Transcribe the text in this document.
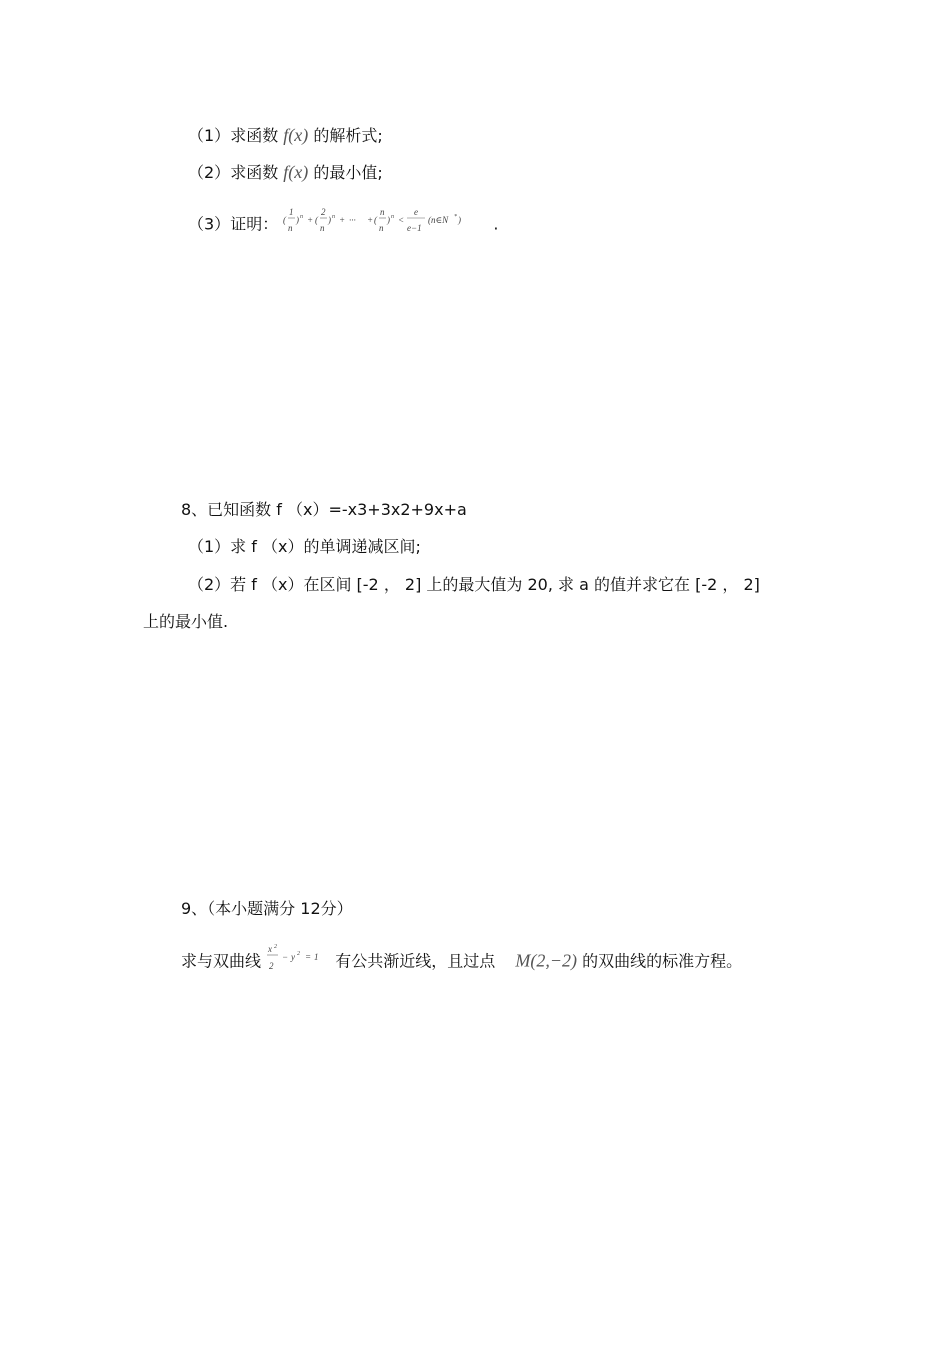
（1）求函数 f(x) 的解析式;
（2）求函数 f(x) 的最小值;
（3）证明： (
1
n
) n + (
2
n
) n + ··· + (
n
n
) n <
e
e−1
(n∈N * ) .
8、已知函数 f （x）=-x3+3x2+9x+a
（1）求 f （x）的单调递减区间;
（2）若 f （x）在区间 [-2 ， 2] 上的最大值为 20, 求 a 的值并求它在 [-2 ， 2]
上的最小值.
9、（本小题满分 12分）
求与双曲线
x 2
2
− y 2 = 1 有公共渐近线，且过点 M(2,−2) 的双曲线的标准方程。
